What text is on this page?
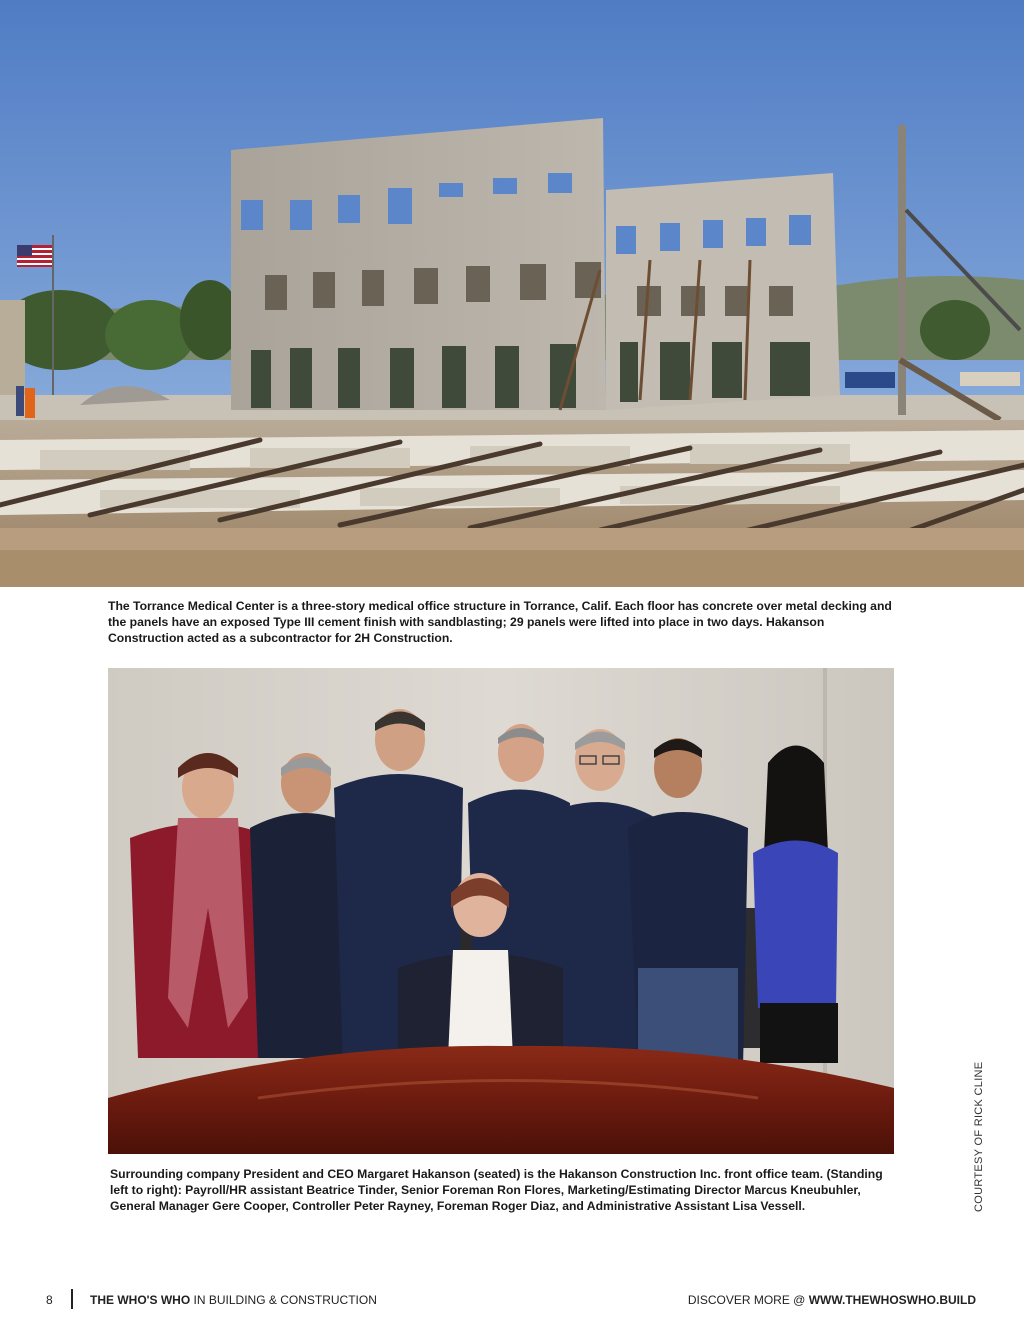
The Torrance Medical Center is a three-story medical office structure in Torrance, Calif. Each floor has concrete over metal decking and the panels have an exposed Type III cement finish with sandblasting; 29 panels were lifted into place in two days. Hakanson Construction acted as a subcontractor for 2H Construction.
Surrounding company President and CEO Margaret Hakanson (seated) is the Hakanson Construction Inc. front office team. (Standing left to right): Payroll/HR assistant Beatrice Tinder, Senior Foreman Ron Flores, Marketing/Estimating Director Marcus Kneubuhler, General Manager Gere Cooper, Controller Peter Rayney, Foreman Roger Diaz, and Administrative Assistant Lisa Vessell.	COURTESY OF RICK CLINE
8	THE WHO'S WHO IN BUILDING & CONSTRUCTION	DISCOVER MORE @ WWW.THEWHOSWHO.BUILD
